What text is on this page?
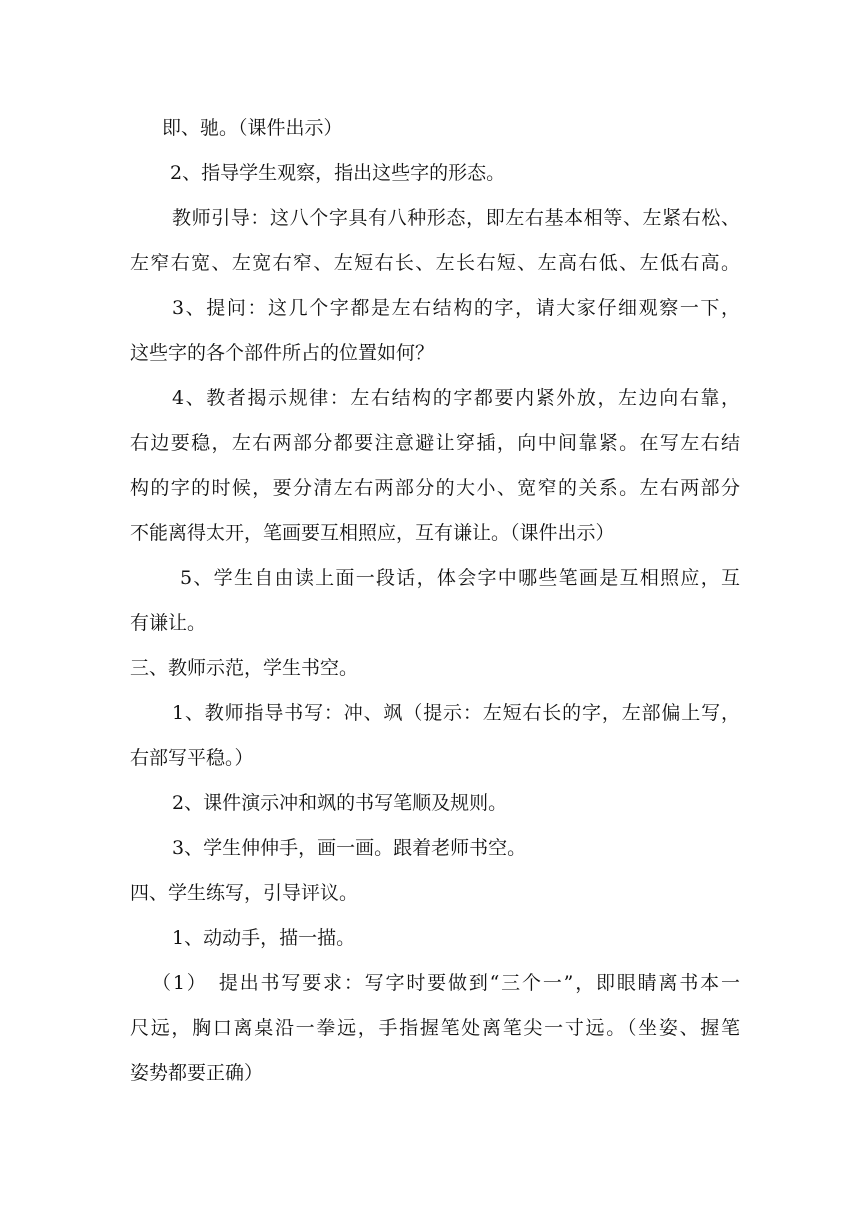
即、驰。（课件出示）
2、指导学生观察，指出这些字的形态。
教师引导：这八个字具有八种形态，即左右基本相等、左紧右松、
左窄右宽、左宽右窄、左短右长、左长右短、左高右低、左低右高。
3、提问：这几个字都是左右结构的字，请大家仔细观察一下，
这些字的各个部件所占的位置如何？
4、教者揭示规律：左右结构的字都要内紧外放，左边向右靠，
右边要稳，左右两部分都要注意避让穿插，向中间靠紧。在写左右结
构的字的时候，要分清左右两部分的大小、宽窄的关系。左右两部分
不能离得太开，笔画要互相照应，互有谦让。（课件出示）
5、学生自由读上面一段话，体会字中哪些笔画是互相照应，互
有谦让。
三、教师示范，学生书空。
1、教师指导书写：冲、飒（提示：左短右长的字，左部偏上写，
右部写平稳。）
2、课件演示冲和飒的书写笔顺及规则。
3、学生伸伸手，画一画。跟着老师书空。
四、学生练写，引导评议。
1、动动手，描一描。
（1）　提出书写要求：写字时要做到“三个一”，即眼睛离书本一
尺远，胸口离桌沿一拳远，手指握笔处离笔尖一寸远。（坐姿、握笔
姿势都要正确）
